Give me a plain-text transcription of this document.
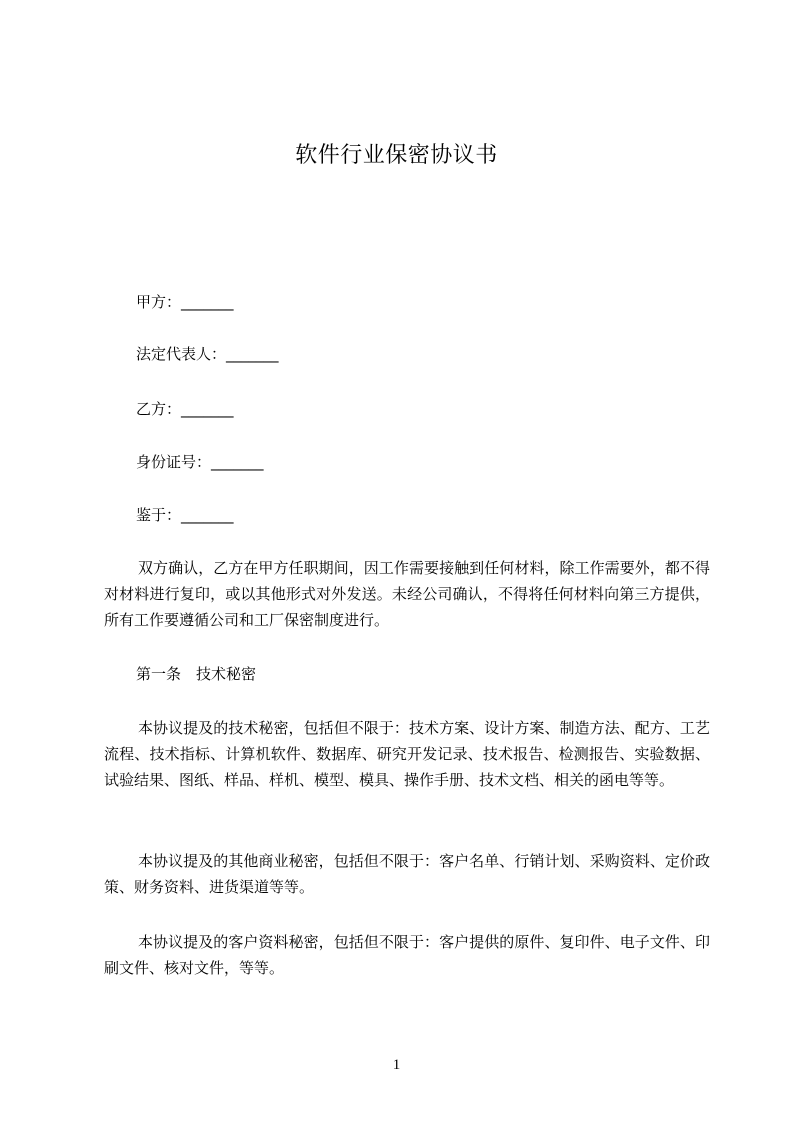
软件行业保密协议书
甲方：_______
法定代表人：_______
乙方：_______
身份证号：_______
鉴于：_______
双方确认，乙方在甲方任职期间，因工作需要接触到任何材料，除工作需要外，都不得对材料进行复印，或以其他形式对外发送。未经公司确认，不得将任何材料向第三方提供，所有工作要遵循公司和工厂保密制度进行。
第一条　技术秘密
本协议提及的技术秘密，包括但不限于：技术方案、设计方案、制造方法、配方、工艺流程、技术指标、计算机软件、数据库、研究开发记录、技术报告、检测报告、实验数据、试验结果、图纸、样品、样机、模型、模具、操作手册、技术文档、相关的函电等等。
本协议提及的其他商业秘密，包括但不限于：客户名单、行销计划、采购资料、定价政策、财务资料、进货渠道等等。
本协议提及的客户资料秘密，包括但不限于：客户提供的原件、复印件、电子文件、印刷文件、核对文件，等等。
1
